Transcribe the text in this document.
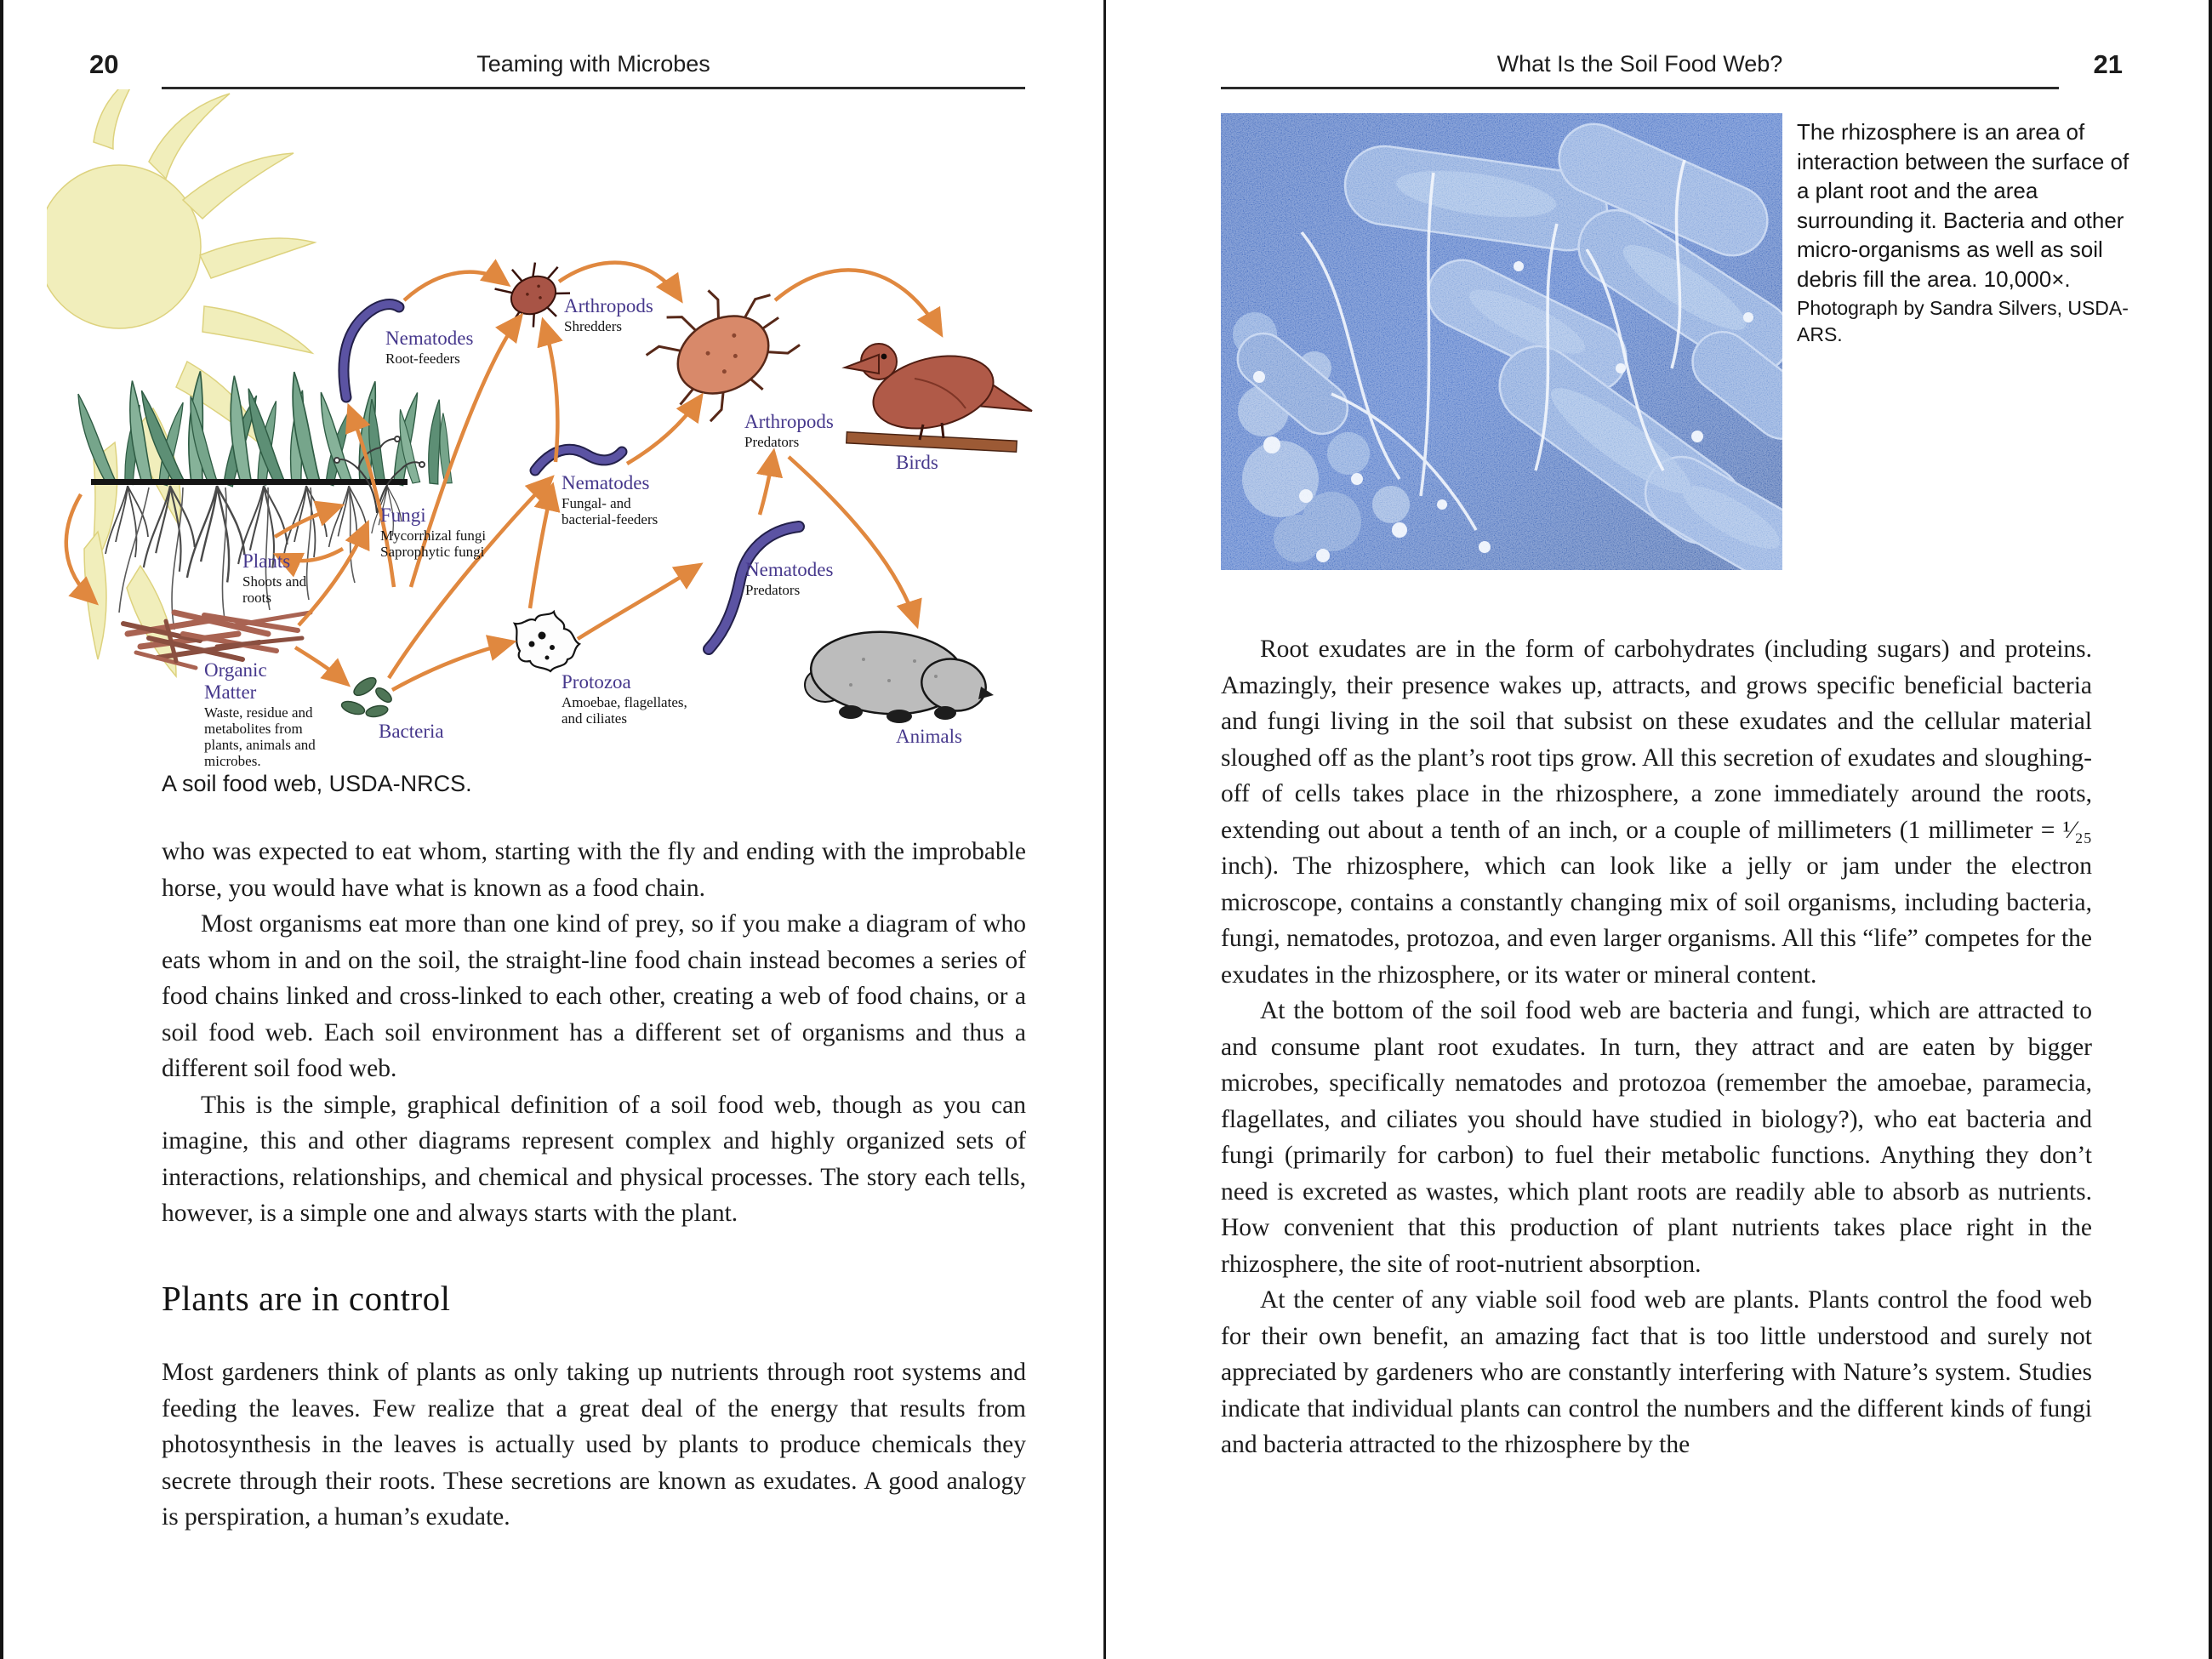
20	Teaming with Microbes
Nematodes Root-feeders
Arthropods Shredders
Arthropods Predators
Birds
Nematodes Fungal- and bacterial-feeders
Nematodes Predators
Fungi Mycorrhizal fungi Saprophytic fungi
Plants Shoots and roots
Organic Matter Waste, residue and metabolites from plants, animals and microbes.
Bacteria
Protozoa Amoebae, flagellates, and ciliates
Animals
A soil food web, USDA-NRCS.

who was expected to eat whom, starting with the fly and ending with the improbable horse, you would have what is known as a food chain.

Most organisms eat more than one kind of prey, so if you make a diagram of who eats whom in and on the soil, the straight-line food chain instead becomes a series of food chains linked and cross-linked to each other, creating a web of food chains, or a soil food web. Each soil environment has a different set of organisms and thus a different soil food web.

This is the simple, graphical definition of a soil food web, though as you can imagine, this and other diagrams represent complex and highly organized sets of interactions, relationships, and chemical and physical processes. The story each tells, however, is a simple one and always starts with the plant.

Plants are in control

Most gardeners think of plants as only taking up nutrients through root systems and feeding the leaves. Few realize that a great deal of the energy that results from photosynthesis in the leaves is actually used by plants to produce chemicals they secrete through their roots. These secretions are known as exudates. A good analogy is perspiration, a human’s exudate.

What Is the Soil Food Web?	21

The rhizosphere is an area of interaction between the surface of a plant root and the area surrounding it. Bacteria and other micro-organisms as well as soil debris fill the area. 10,000×.

Photograph by Sandra Silvers, USDA-ARS.

Root exudates are in the form of carbohydrates (including sugars) and proteins. Amazingly, their presence wakes up, attracts, and grows specific beneficial bacteria and fungi living in the soil that subsist on these exudates and the cellular material sloughed off as the plant’s root tips grow. All this secretion of exudates and sloughing-off of cells takes place in the rhizosphere, a zone immediately around the roots, extending out about a tenth of an inch, or a couple of millimeters (1 millimeter = ¹⁄₂₅ inch). The rhizosphere, which can look like a jelly or jam under the electron microscope, contains a constantly changing mix of soil organisms, including bacteria, fungi, nematodes, protozoa, and even larger organisms. All this “life” competes for the exudates in the rhizosphere, or its water or mineral content.

At the bottom of the soil food web are bacteria and fungi, which are attracted to and consume plant root exudates. In turn, they attract and are eaten by bigger microbes, specifically nematodes and protozoa (remember the amoebae, paramecia, flagellates, and ciliates you should have studied in biology?), who eat bacteria and fungi (primarily for carbon) to fuel their metabolic functions. Anything they don’t need is excreted as wastes, which plant roots are readily able to absorb as nutrients. How convenient that this production of plant nutrients takes place right in the rhizosphere, the site of root-nutrient absorption.

At the center of any viable soil food web are plants. Plants control the food web for their own benefit, an amazing fact that is too little understood and surely not appreciated by gardeners who are constantly interfering with Nature’s system. Studies indicate that individual plants can control the numbers and the different kinds of fungi and bacteria attracted to the rhizosphere by the
